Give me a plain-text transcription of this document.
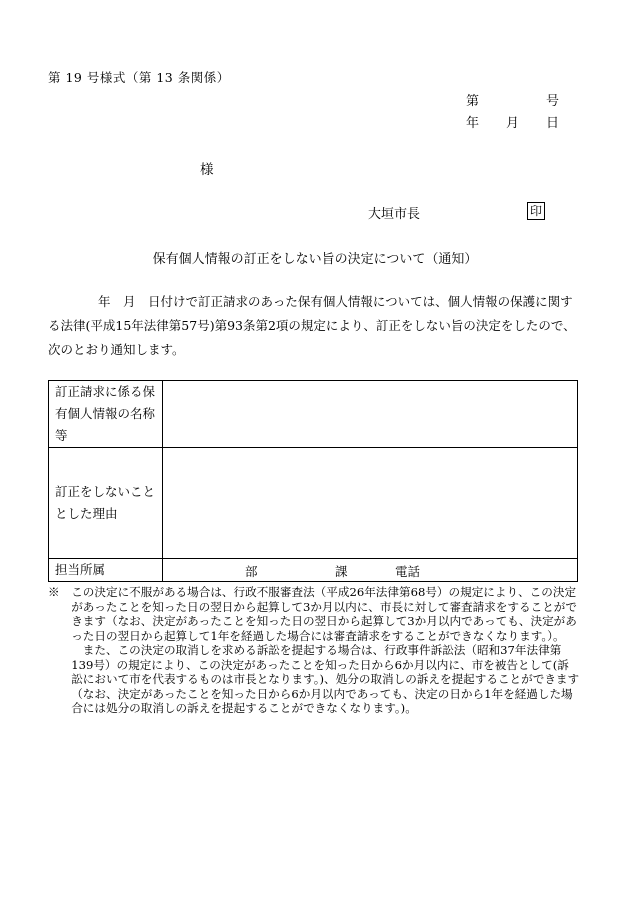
第 19 号様式（第 13 条関係）
第	号
年 月 日
様
大垣市長	印
保有個人情報の訂正をしない旨の決定について（通知）
年　月　日付けで訂正請求のあった保有個人情報については、個人情報の保護に関する法律(平成15年法律第57号)第93条第2項の規定により、訂正をしない旨の決定をしたので、次のとおり通知します。
訂正請求に係る保有個人情報の名称等	
訂正をしないこととした理由	
担当所属	部 課 電話
※　この決定に不服がある場合は、行政不服審査法（平成26年法律第68号）の規定により、この決定があったことを知った日の翌日から起算して3か月以内に、市長に対して審査請求をすることができます（なお、決定があったことを知った日の翌日から起算して3か月以内であっても、決定があった日の翌日から起算して1年を経過した場合には審査請求をすることができなくなります。）。
また、この決定の取消しを求める訴訟を提起する場合は、行政事件訴訟法（昭和37年法律第139号）の規定により、この決定があったことを知った日から6か月以内に、市を被告として(訴訟において市を代表するものは市長となります。)、処分の取消しの訴えを提起することができます（なお、決定があったことを知った日から6か月以内であっても、決定の日から1年を経過した場合には処分の取消しの訴えを提起することができなくなります。)。
